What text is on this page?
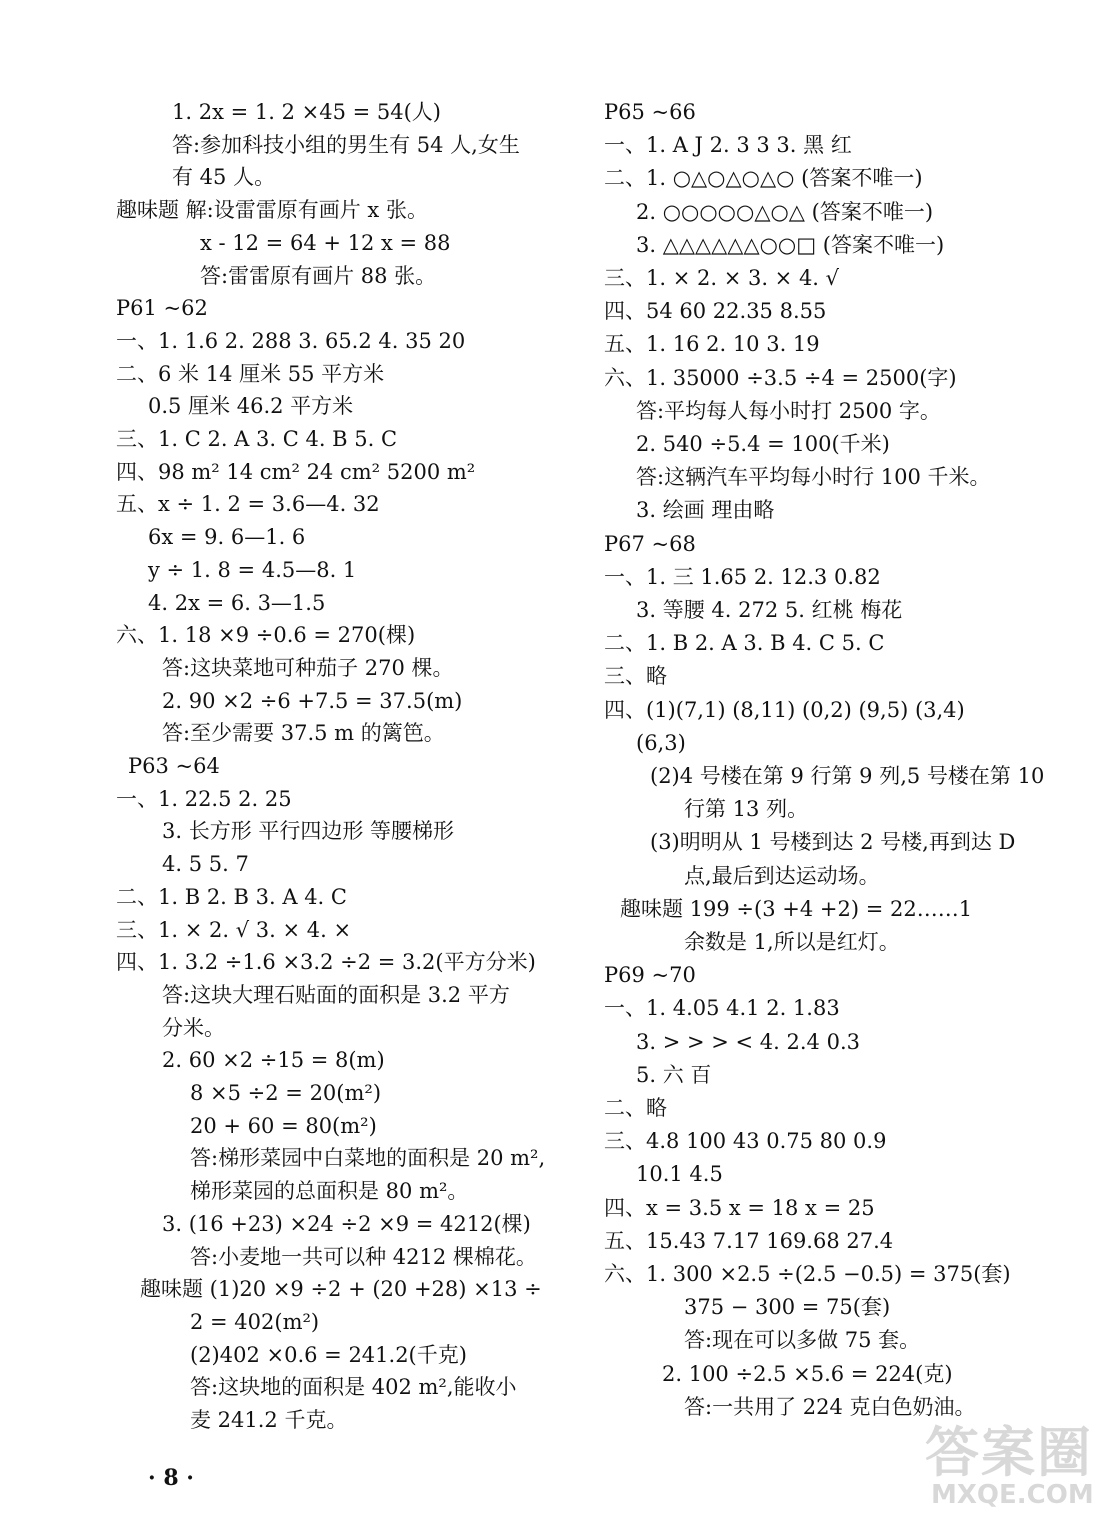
1. 2x = 1. 2 ×45 = 54(人)
答:参加科技小组的男生有 54 人,女生
有 45 人。
趣味题 解:设雷雷原有画片 x 张。
x - 12 = 64 + 12 x = 88
答:雷雷原有画片 88 张。
P61 ~62
一、1. 1.6 2. 288 3. 65.2 4. 35 20
二、6 米 14 厘米 55 平方米
0.5 厘米 46.2 平方米
三、1. C 2. A 3. C 4. B 5. C
四、98 m² 14 cm² 24 cm² 5200 m²
五、x ÷ 1. 2 = 3.6—4. 32
6x = 9. 6—1. 6
y ÷ 1. 8 = 4.5—8. 1
4. 2x = 6. 3—1.5
六、1. 18 ×9 ÷0.6 = 270(棵)
答:这块菜地可种茄子 270 棵。
2. 90 ×2 ÷6 +7.5 = 37.5(m)
答:至少需要 37.5 m 的篱笆。
P63 ~64
一、1. 22.5 2. 25
3. 长方形 平行四边形 等腰梯形
4. 5 5. 7
二、1. B 2. B 3. A 4. C
三、1. × 2. √ 3. × 4. ×
四、1. 3.2 ÷1.6 ×3.2 ÷2 = 3.2(平方分米)
答:这块大理石贴面的面积是 3.2 平方
分米。
2. 60 ×2 ÷15 = 8(m)
8 ×5 ÷2 = 20(m²)
20 + 60 = 80(m²)
答:梯形菜园中白菜地的面积是 20 m²,
梯形菜园的总面积是 80 m²。
3. (16 +23) ×24 ÷2 ×9 = 4212(棵)
答:小麦地一共可以种 4212 棵棉花。
趣味题 (1)20 ×9 ÷2 + (20 +28) ×13 ÷
2 = 402(m²)
(2)402 ×0.6 = 241.2(千克)
答:这块地的面积是 402 m²,能收小
麦 241.2 千克。
P65 ~66
一、1. A J 2. 3 3 3. 黑 红
二、1. ○△○△○△○ (答案不唯一)
2. ○○○○○△○△ (答案不唯一)
3. △△△△△△○○□ (答案不唯一)
三、1. × 2. × 3. × 4. √
四、54 60 22.35 8.55
五、1. 16 2. 10 3. 19
六、1. 35000 ÷3.5 ÷4 = 2500(字)
答:平均每人每小时打 2500 字。
2. 540 ÷5.4 = 100(千米)
答:这辆汽车平均每小时行 100 千米。
3. 绘画 理由略
P67 ~68
一、1. 三 1.65 2. 12.3 0.82
3. 等腰 4. 272 5. 红桃 梅花
二、1. B 2. A 3. B 4. C 5. C
三、略
四、(1)(7,1) (8,11) (0,2) (9,5) (3,4)
(6,3)
(2)4 号楼在第 9 行第 9 列,5 号楼在第 10
行第 13 列。
(3)明明从 1 号楼到达 2 号楼,再到达 D
点,最后到达运动场。
趣味题 199 ÷(3 +4 +2) = 22……1
余数是 1,所以是红灯。
P69 ~70
一、1. 4.05 4.1 2. 1.83
3. > > > < 4. 2.4 0.3
5. 六 百
二、略
三、4.8 100 43 0.75 80 0.9
10.1 4.5
四、x = 3.5 x = 18 x = 25
五、15.43 7.17 169.68 27.4
六、1. 300 ×2.5 ÷(2.5 −0.5) = 375(套)
375 − 300 = 75(套)
答:现在可以多做 75 套。
2. 100 ÷2.5 ×5.6 = 224(克)
答:一共用了 224 克白色奶油。
· 8 ·	答案圈
MXQE.COM
